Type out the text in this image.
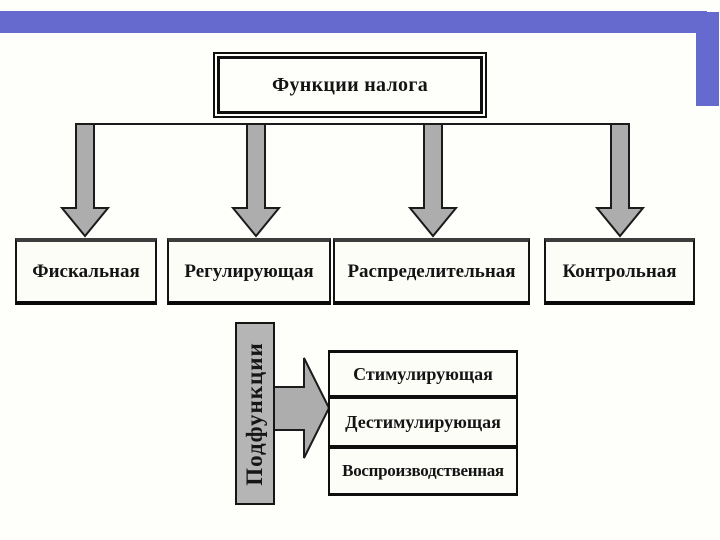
Функции налога
Фискальная	Регулирующая	Распределительная	Контрольная
Подфункции	Стимулирующая
Дестимулирующая
Воспроизводственная
